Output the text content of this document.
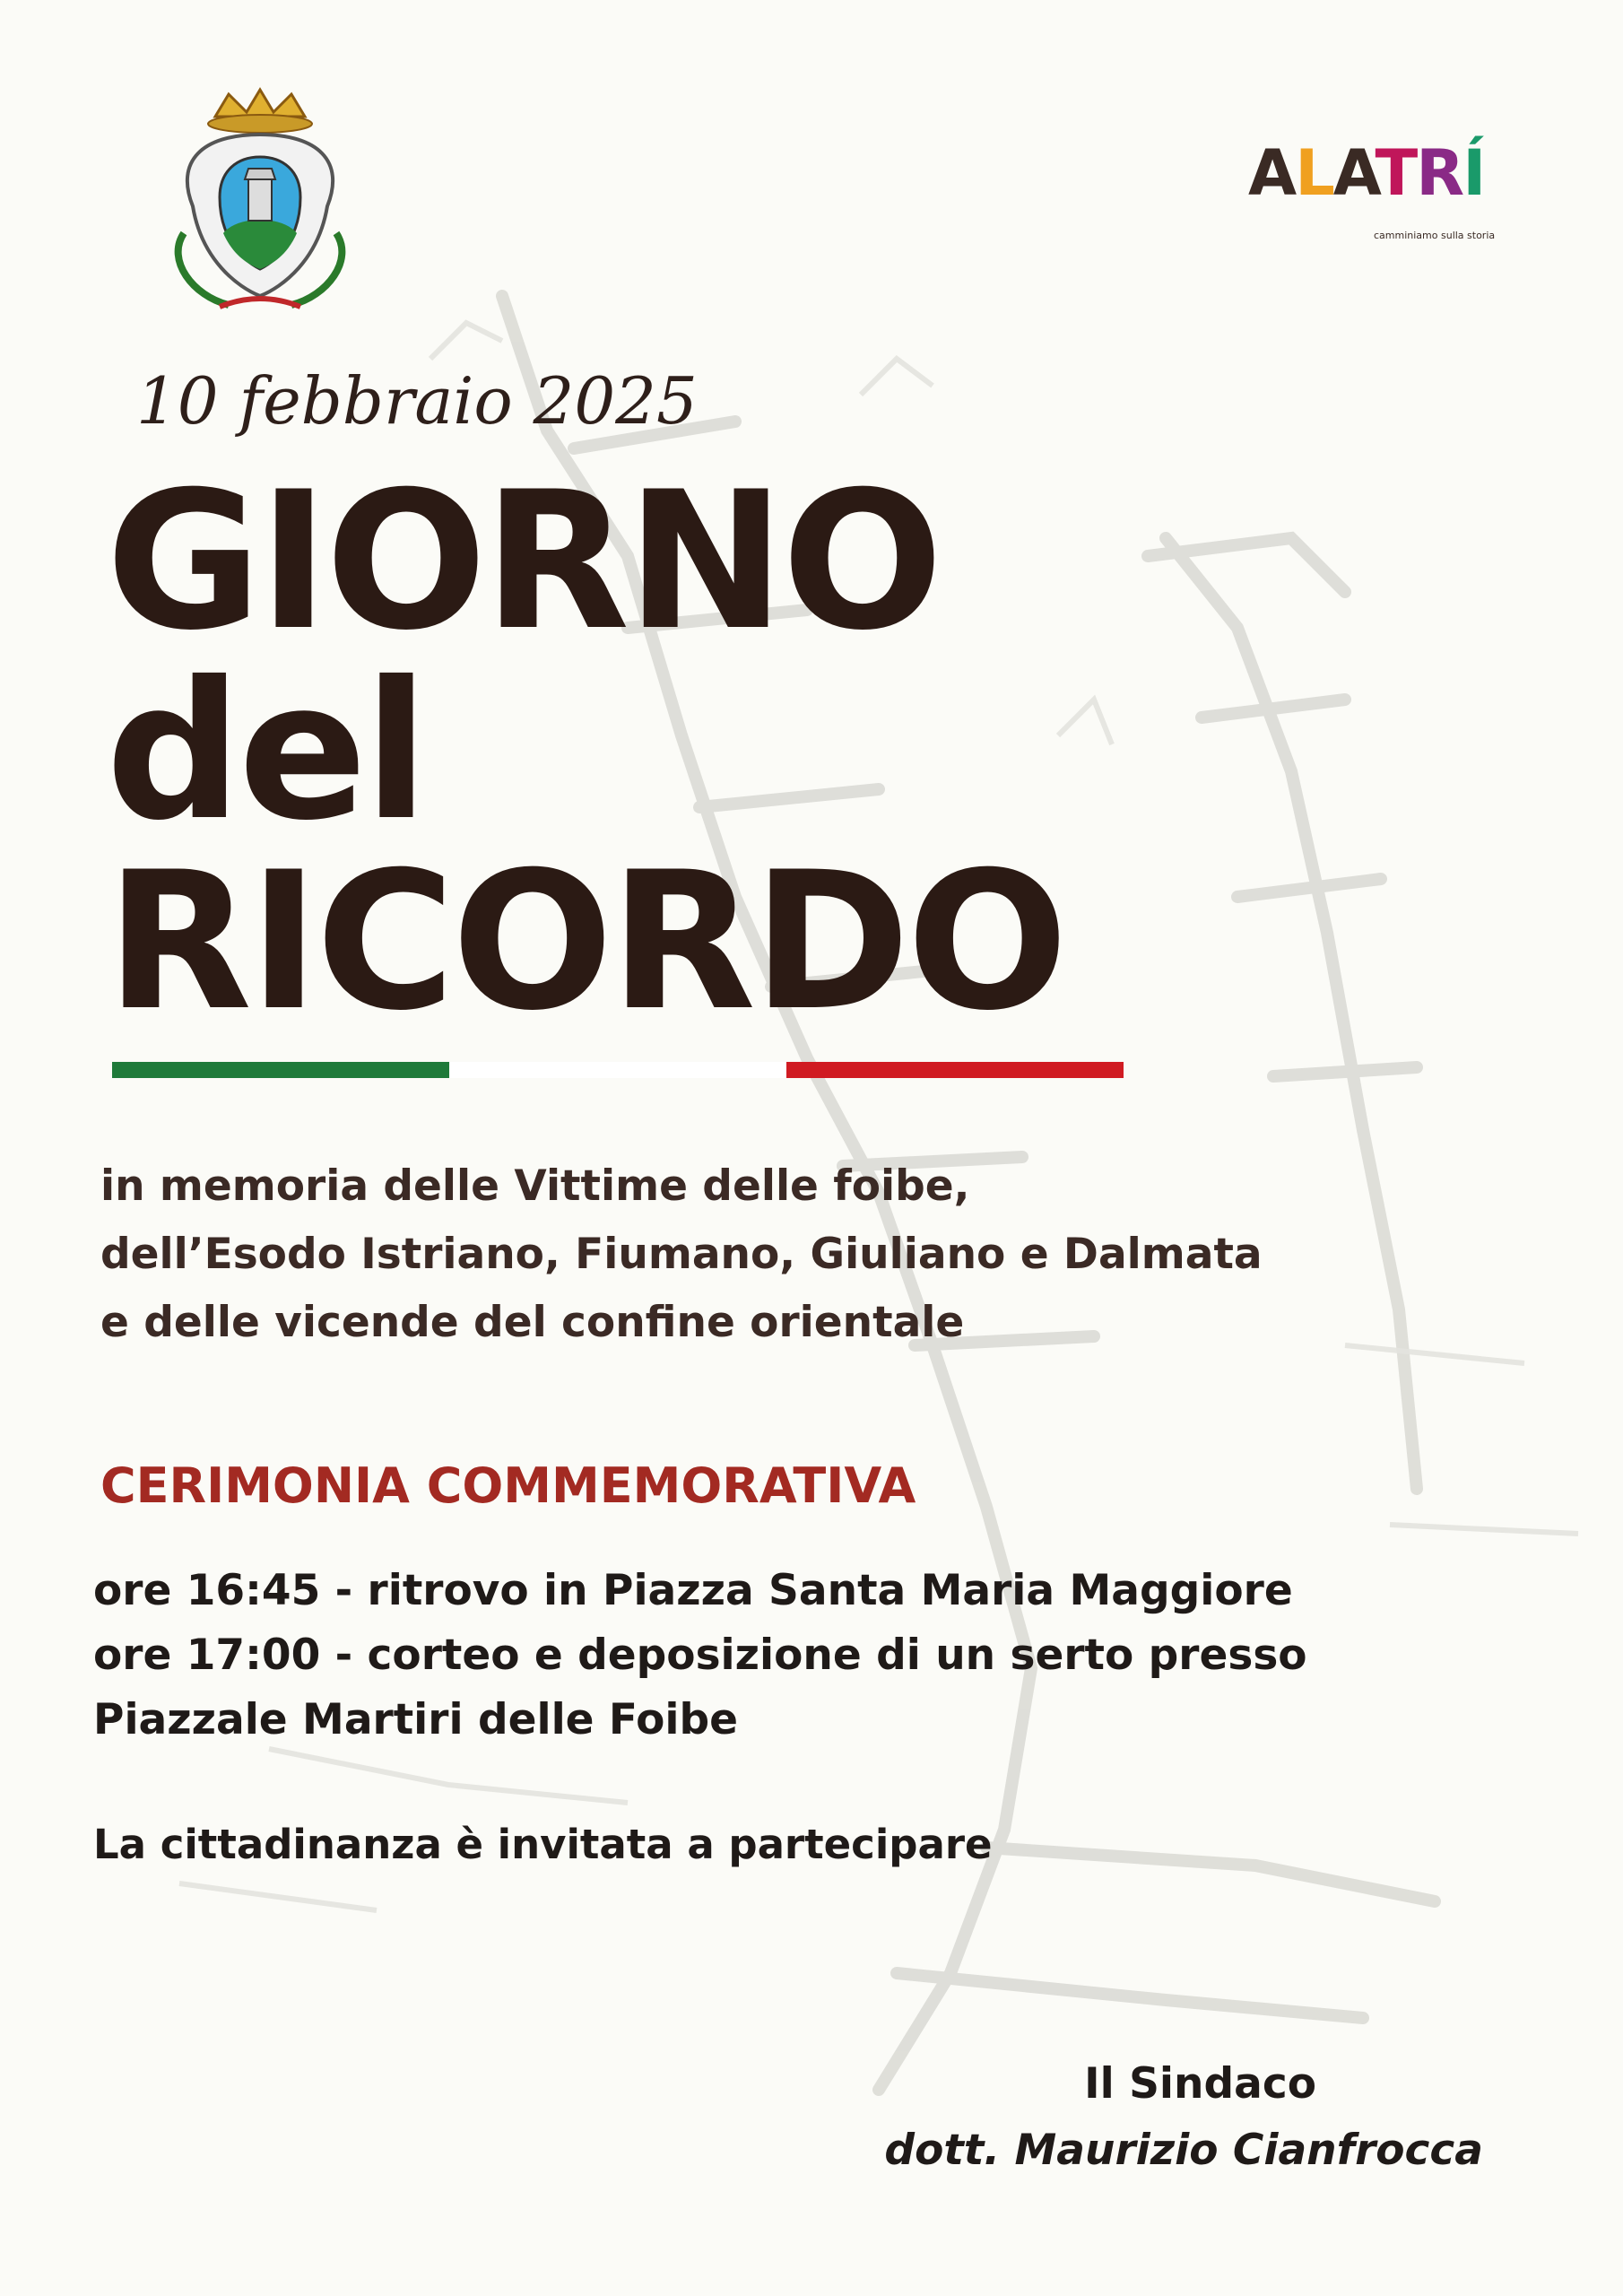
ALATRÍ
camminiamo sulla storia
10 febbraio 2025
GIORNO
del
RICORDO
in memoria delle Vittime delle foibe,
dell’Esodo Istriano, Fiumano, Giuliano e Dalmata
e delle vicende del confine orientale
CERIMONIA COMMEMORATIVA
ore 16:45 - ritrovo in Piazza Santa Maria Maggiore
ore 17:00 - corteo e deposizione di un serto presso
Piazzale Martiri delle Foibe
La cittadinanza è invitata a partecipare
Il Sindaco
dott. Maurizio Cianfrocca
